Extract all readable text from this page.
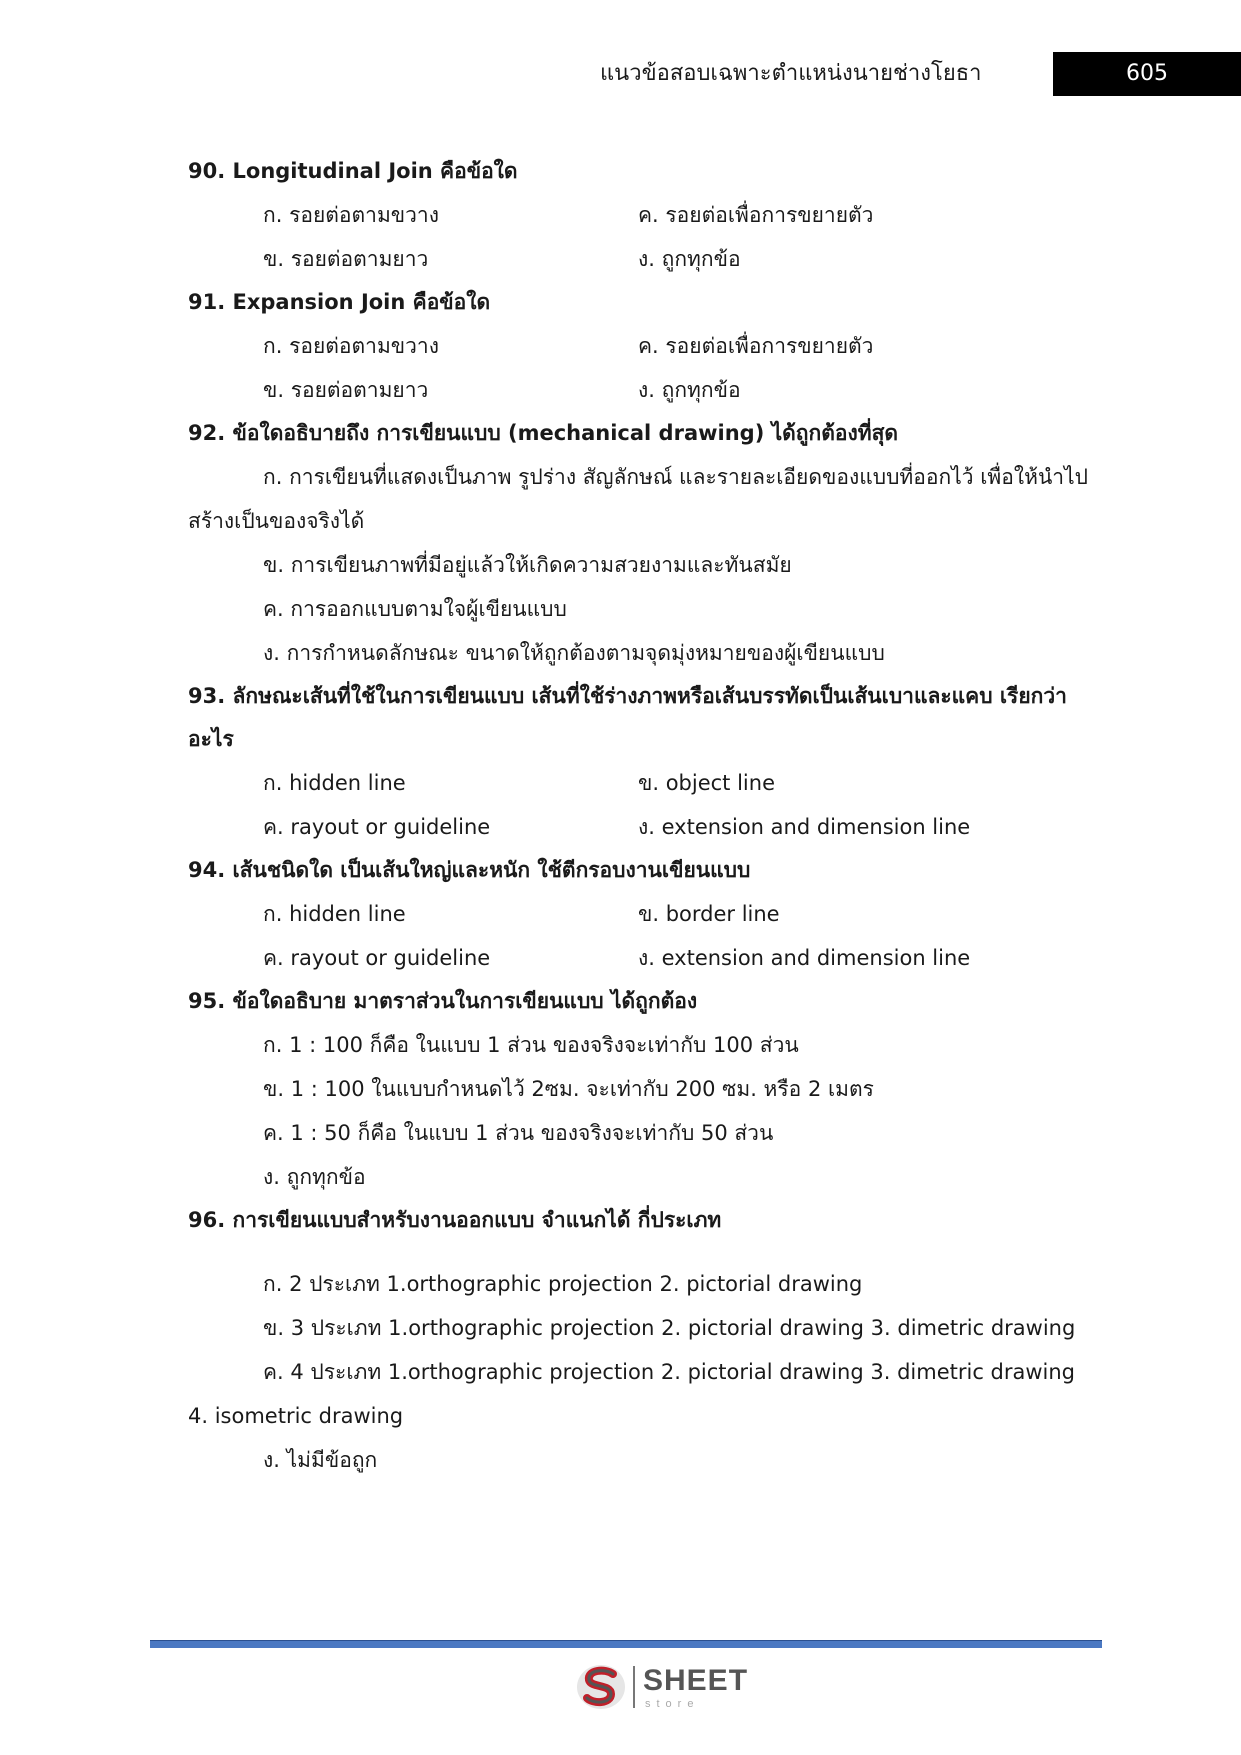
แนวข้อสอบเฉพาะตำแหน่งนายช่างโยธา	605
90. Longitudinal Join คือข้อใด
ก. รอยต่อตามขวาง	ค. รอยต่อเพื่อการขยายตัว
ข. รอยต่อตามยาว	ง. ถูกทุกข้อ
91. Expansion Join คือข้อใด
ก. รอยต่อตามขวาง	ค. รอยต่อเพื่อการขยายตัว
ข. รอยต่อตามยาว	ง. ถูกทุกข้อ
92. ข้อใดอธิบายถึง การเขียนแบบ (mechanical drawing) ได้ถูกต้องที่สุด
ก. การเขียนที่แสดงเป็นภาพ รูปร่าง สัญลักษณ์ และรายละเอียดของแบบที่ออกไว้ เพื่อให้นำไปสร้างเป็นของจริงได้
ข. การเขียนภาพที่มีอยู่แล้วให้เกิดความสวยงามและทันสมัย
ค. การออกแบบตามใจผู้เขียนแบบ
ง. การกำหนดลักษณะ ขนาดให้ถูกต้องตามจุดมุ่งหมายของผู้เขียนแบบ
93. ลักษณะเส้นที่ใช้ในการเขียนแบบ เส้นที่ใช้ร่างภาพหรือเส้นบรรทัดเป็นเส้นเบาและแคบ เรียกว่าอะไร
ก. hidden line	ข. object line
ค. rayout or guideline	ง. extension and dimension line
94. เส้นชนิดใด เป็นเส้นใหญ่และหนัก ใช้ตีกรอบงานเขียนแบบ
ก. hidden line	ข. border line
ค. rayout or guideline	ง. extension and dimension line
95. ข้อใดอธิบาย มาตราส่วนในการเขียนแบบ ได้ถูกต้อง
ก. 1 : 100 ก็คือ ในแบบ 1 ส่วน ของจริงจะเท่ากับ 100 ส่วน
ข. 1 : 100 ในแบบกำหนดไว้ 2ซม. จะเท่ากับ 200 ซม. หรือ 2 เมตร
ค. 1 : 50 ก็คือ ในแบบ 1 ส่วน ของจริงจะเท่ากับ 50 ส่วน
ง. ถูกทุกข้อ
96. การเขียนแบบสำหรับงานออกแบบ จำแนกได้ กี่ประเภท
ก. 2 ประเภท 1.orthographic projection 2. pictorial drawing
ข. 3 ประเภท 1.orthographic projection 2. pictorial drawing 3. dimetric drawing
ค. 4 ประเภท 1.orthographic projection 2. pictorial drawing 3. dimetric drawing 4. isometric drawing
ง. ไม่มีข้อถูก
SHEET
store
